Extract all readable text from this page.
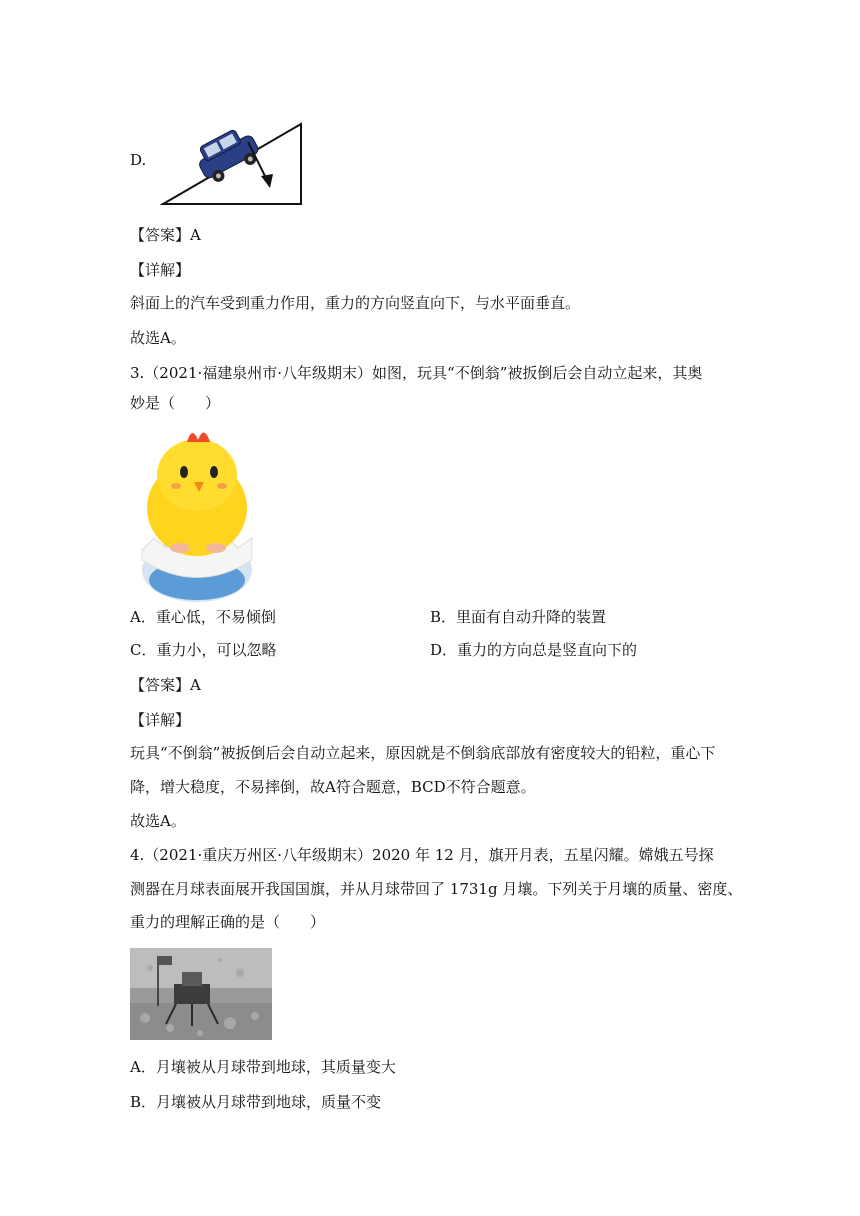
D.
【答案】A
【详解】
斜面上的汽车受到重力作用，重力的方向竖直向下，与水平面垂直。
故选A。
3.（2021·福建泉州市·八年级期末）如图，玩具“不倒翁”被扳倒后会自动立起来，其奥
妙是（　　）
A．重心低，不易倾倒	B．里面有自动升降的装置
C．重力小，可以忽略	D．重力的方向总是竖直向下的
【答案】A
【详解】
玩具“不倒翁”被扳倒后会自动立起来，原因就是不倒翁底部放有密度较大的铅粒，重心下
降，增大稳度，不易摔倒，故A符合题意，BCD不符合题意。
故选A。
4.（2021·重庆万州区·八年级期末）2020 年 12 月，旗开月表，五星闪耀。嫦娥五号探
测器在月球表面展开我国国旗，并从月球带回了 1731g 月壤。下列关于月壤的质量、密度、
重力的理解正确的是（　　）
A．月壤被从月球带到地球，其质量变大
B．月壤被从月球带到地球，质量不变
